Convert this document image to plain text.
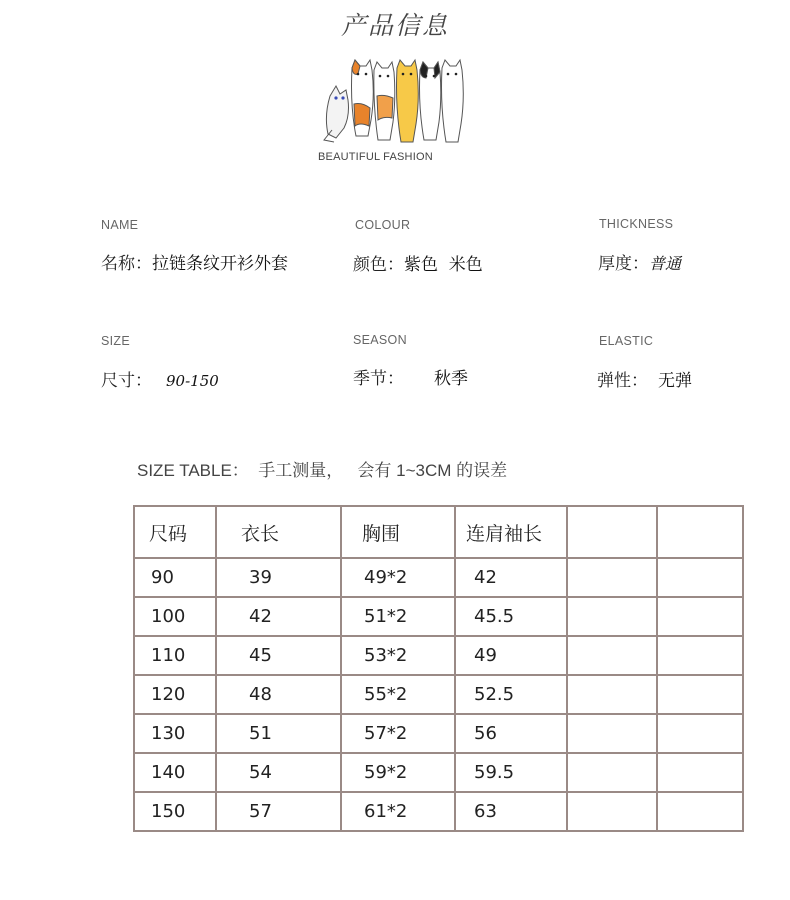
产品信息
BEAUTIFUL FASHION
NAME
名称：拉链条纹开衫外套
COLOUR
颜色：紫色  米色
THICKNESS
厚度：普通
SIZE
尺寸： 90-150
SEASON
季节： 秋季
ELASTIC
弹性： 无弹
SIZE TABLE：  手工测量，   会有 1~3CM 的误差
尺码	衣长	胸围	连肩袖长		
90	39	49*2	42		
100	42	51*2	45.5		
110	45	53*2	49		
120	48	55*2	52.5		
130	51	57*2	56		
140	54	59*2	59.5		
150	57	61*2	63		
